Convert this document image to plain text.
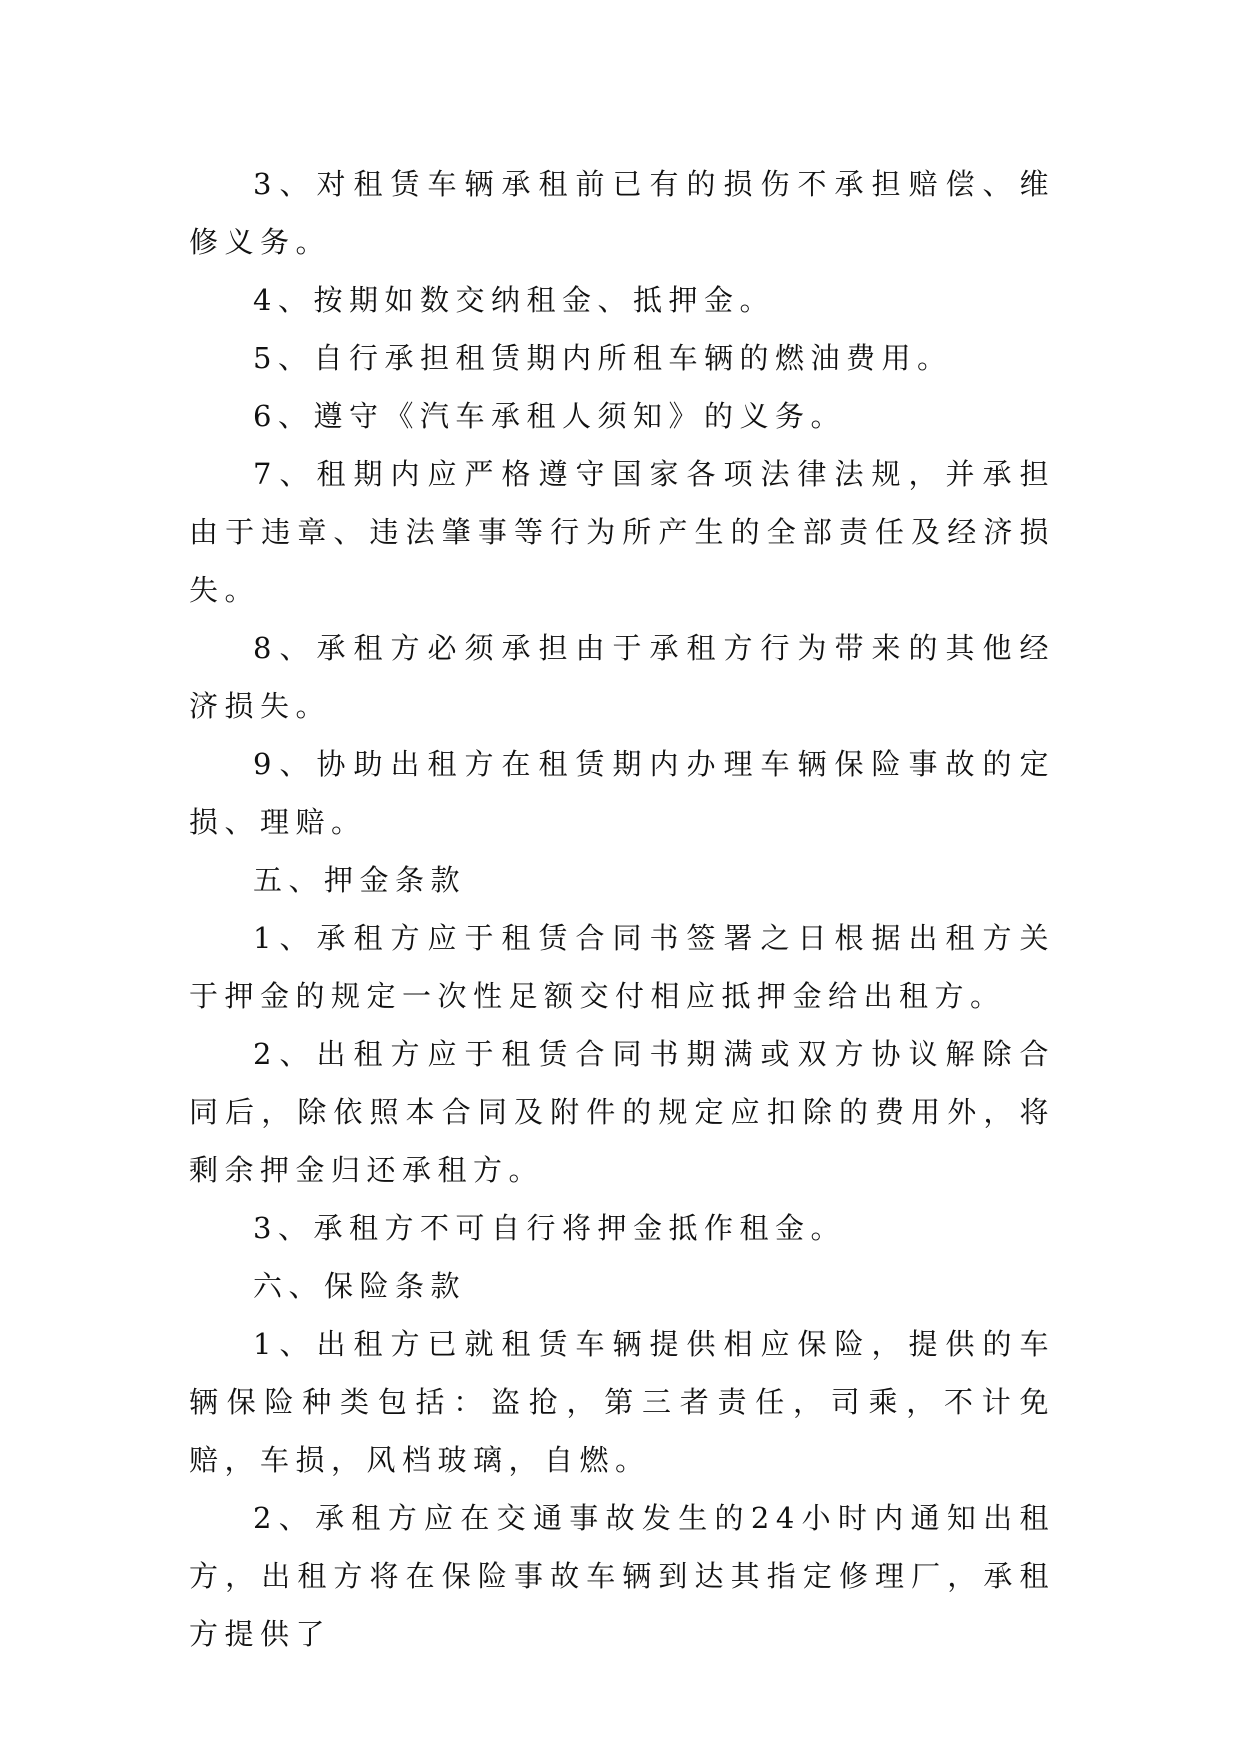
3、对租赁车辆承租前已有的损伤不承担赔偿、维修义务。

4、按期如数交纳租金、抵押金。

5、自行承担租赁期内所租车辆的燃油费用。

6、遵守《汽车承租人须知》的义务。

7、租期内应严格遵守国家各项法律法规，并承担由于违章、违法肇事等行为所产生的全部责任及经济损失。

8、承租方必须承担由于承租方行为带来的其他经济损失。

9、协助出租方在租赁期内办理车辆保险事故的定损、理赔。

五、押金条款

1、承租方应于租赁合同书签署之日根据出租方关于押金的规定一次性足额交付相应抵押金给出租方。

2、出租方应于租赁合同书期满或双方协议解除合同后，除依照本合同及附件的规定应扣除的费用外，将剩余押金归还承租方。

3、承租方不可自行将押金抵作租金。

六、保险条款

1、出租方已就租赁车辆提供相应保险，提供的车辆保险种类包括：盗抢，第三者责任，司乘，不计免赔，车损，风档玻璃，自燃。

2、承租方应在交通事故发生的24小时内通知出租方，出租方将在保险事故车辆到达其指定修理厂，承租方提供了
